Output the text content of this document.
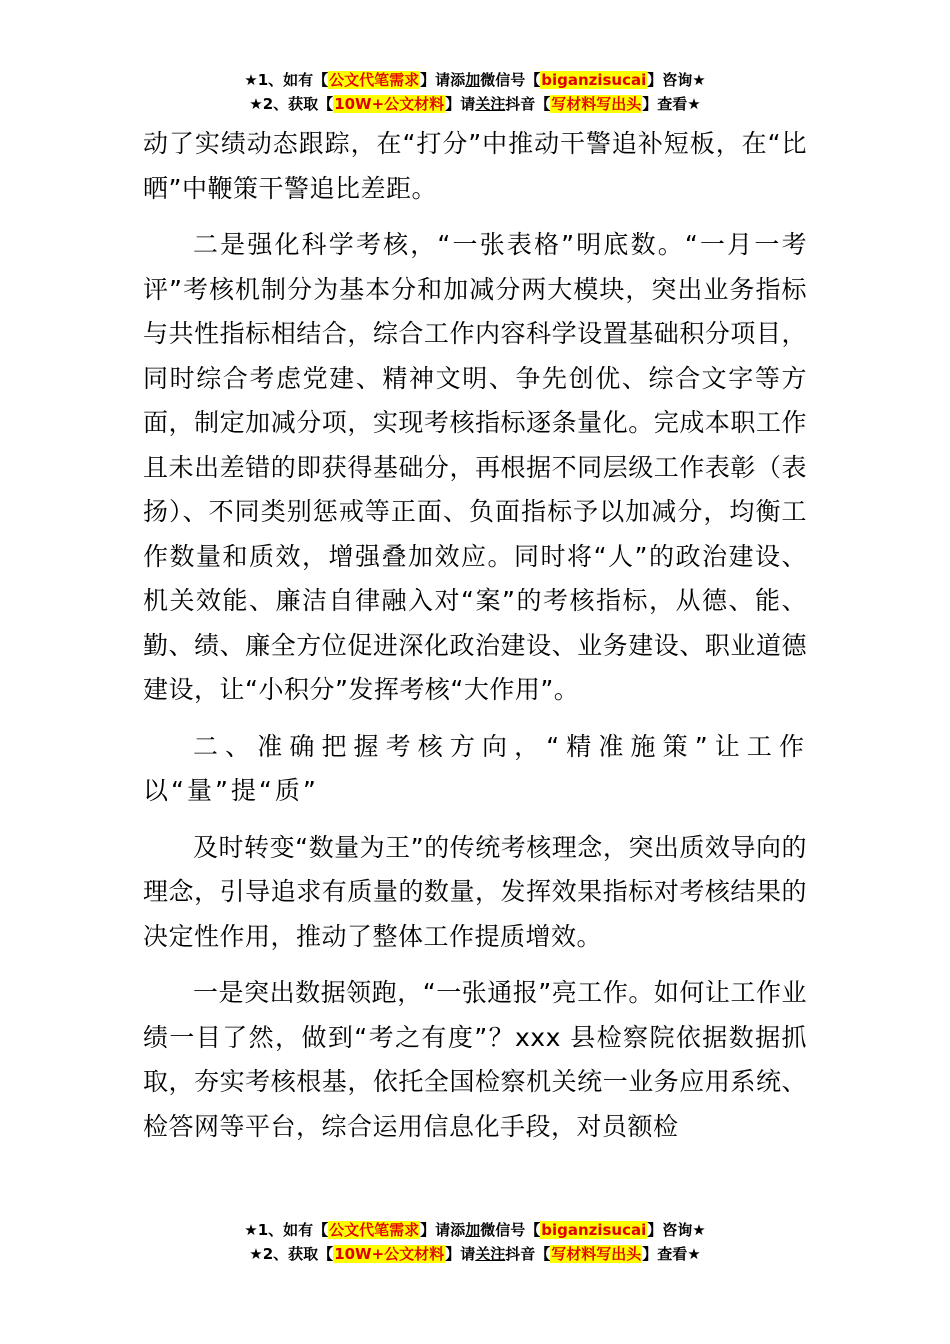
★1、如有【公文代笔需求】请添加微信号【biganzisucai】咨询★
★2、获取【10W+公文材料】请关注抖音【写材料写出头】查看★

动了实绩动态跟踪，在“打分”中推动干警追补短板，在“比晒”中鞭策干警追比差距。

二是强化科学考核，“一张表格”明底数。“一月一考评”考核机制分为基本分和加减分两大模块，突出业务指标与共性指标相结合，综合工作内容科学设置基础积分项目，同时综合考虑党建、精神文明、争先创优、综合文字等方面，制定加减分项，实现考核指标逐条量化。完成本职工作且未出差错的即获得基础分，再根据不同层级工作表彰（表扬）、不同类别惩戒等正面、负面指标予以加减分，均衡工作数量和质效，增强叠加效应。同时将“人”的政治建设、机关效能、廉洁自律融入对“案”的考核指标，从德、能、勤、绩、廉全方位促进深化政治建设、业务建设、职业道德建设，让“小积分”发挥考核“大作用”。

二、准确把握考核方向，“精准施策”让工作以“量”提“质”

及时转变“数量为王”的传统考核理念，突出质效导向的理念，引导追求有质量的数量，发挥效果指标对考核结果的决定性作用，推动了整体工作提质增效。

一是突出数据领跑，“一张通报”亮工作。如何让工作业绩一目了然，做到“考之有度”？xxx 县检察院依据数据抓取，夯实考核根基，依托全国检察机关统一业务应用系统、检答网等平台，综合运用信息化手段，对员额检

★1、如有【公文代笔需求】请添加微信号【biganzisucai】咨询★
★2、获取【10W+公文材料】请关注抖音【写材料写出头】查看★
